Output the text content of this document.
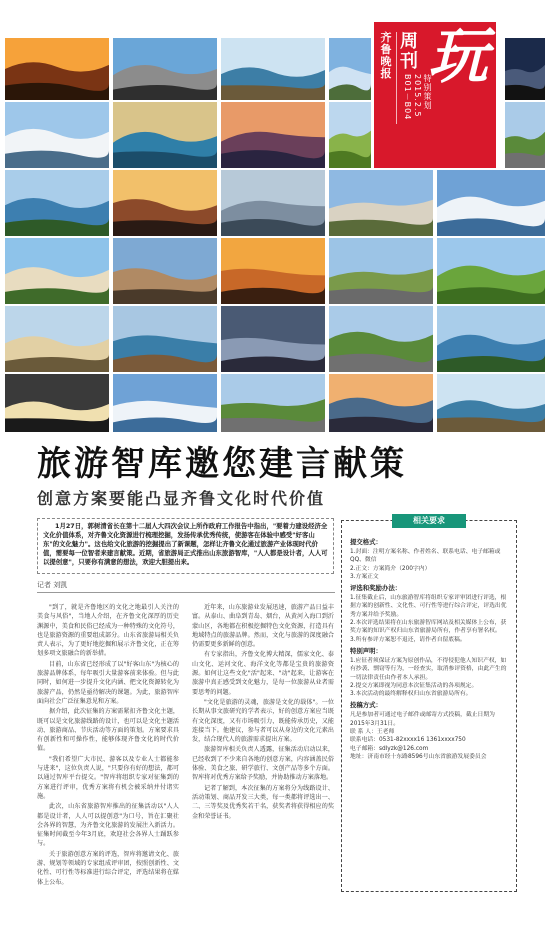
齐鲁晚报
周刊
特别策划
2015.2.5
B01－B04
玩
旅游智库邀您建言献策
创意方案要能凸显齐鲁文化时代价值

1月27日，郭树清省长在第十二届人大四次会议上所作政府工作报告中指出，"要着力建设经济全文化价值体系，对齐鲁文化资源进行梳理挖掘，发扬传承优秀传统，使游客在体验中感受"好客山东"的文化魅力"。这也给文化旅游的挖掘提出了新课题，怎样让齐鲁文化通过旅游产业体现时代价值，需要每一位智者来建言献策。近期，省旅游局正式推出山东旅游智库，"人人都是设计者，人人可以提创意"，只要你有满意的想法，欢迎大胆提出来。

记者 刘凯

"到了，就是齐鲁地区的文化之地最引人关注的美食与风俗"，当地人介绍，在齐鲁文化深厚的历史渊源中，美食和民俗已经成为一种特殊的文化符号，也是旅游资源的重要组成部分。山东省旅游局相关负责人表示，为了更好地挖掘和展示齐鲁文化，正在筹划多项文旅融合的新举措。

目前，山东省已经形成了以"好客山东"为核心的旅游品牌体系，每年吸引大量游客前来体验。但与此同时，如何进一步提升文化内涵、把文化资源转化为旅游产品，仍然是亟待解决的课题。为此，旅游智库面向社会广泛征集意见和方案。

据介绍，此次征集的方案需紧扣齐鲁文化主题，既可以是文化旅游线路的设计，也可以是文化主题活动、旅游商品、节庆活动等方面的策划。方案要求具有创新性和可操作性，能够体现齐鲁文化的时代价值。

"我们希望广大市民、游客以及专业人士都能参与进来"，这位负责人说，"只要你有好的想法，都可以通过智库平台提交。"智库将组织专家对征集到的方案进行评审，优秀方案将有机会被采纳并付诸实施。

此次，山东省旅游智库推出的征集活动以"人人都是设计者，人人可以提创意"为口号，旨在汇聚社会各界的智慧，为齐鲁文化旅游的发展注入新活力。征集时间截至今年3月底，欢迎社会各界人士踊跃参与。

关于旅游创意方案的评选，智库将邀请文化、旅游、规划等领域的专家组成评审团，按照创新性、文化性、可行性等标准进行综合评定，评选结果将在媒体上公布。

近年来，山东旅游业发展迅速，旅游产品日益丰富。从泰山、曲阜到青岛、烟台，从黄河入海口到沂蒙山区，各地都在积极挖掘特色文化资源，打造具有地域特点的旅游品牌。然而，文化与旅游的深度融合仍需要更多新鲜的创意。

有专家指出，齐鲁文化博大精深，儒家文化、泰山文化、运河文化、海洋文化等都是宝贵的旅游资源。如何让这些文化"活"起来、"动"起来，让游客在旅游中真正感受到文化魅力，是每一位旅游从业者需要思考的问题。

"文化是旅游的灵魂，旅游是文化的载体"。一位长期从事文旅研究的学者表示，好的创意方案应当既有文化深度，又有市场吸引力，既能传承历史，又能连接当下。他建议，参与者可以从身边的文化元素出发，结合现代人的旅游需求提出方案。

旅游智库相关负责人透露，征集活动启动以来，已经收到了不少来自各地的创意方案，内容涵盖民俗体验、美食之旅、研学旅行、文创产品等多个方面。智库将对优秀方案给予奖励，并协助推动方案落地。

记者了解到，本次征集的方案将分为线路设计、活动策划、商品开发三大类，每一类都将评选出一、二、三等奖及优秀奖若干名，获奖者将获得相应的奖金和荣誉证书。

相关要求
提交格式：

1.封面：注明方案名称、作者姓名、联系电话、电子邮箱或QQ、微信

2.正文：方案简介（200字内）

3.方案正文

评选和奖励办法：

1.征集截止后，山东旅游智库将组织专家评审团进行评选，根据方案的创新性、文化性、可行性等进行综合评定，评选出优秀方案并给予奖励。

2.本次评选结果将在山东旅游智库网站及相关媒体上公布，获奖方案的知识产权归山东省旅游局所有，作者享有署名权。

3.所有参评方案恕不退还，请作者自留底稿。

特别声明：

1.应征者须保证方案为原创作品，不得侵犯他人知识产权，如有抄袭、剽窃等行为，一经查实，取消参评资格，由此产生的一切法律责任由作者本人承担。

2.提交方案即视为同意本次征集活动的各项规定。

3.本次活动的最终解释权归山东省旅游局所有。

投稿方式：

凡是参加者可通过电子邮件或邮寄方式投稿，截止日期为2015年3月31日。

联 系 人：王老师

联系电话：0531-82xxxx16 1361xxxx750

电子邮箱：sdlyzk@126.com

地址：济南市经十东路8596号山东省旅游发展委员会
